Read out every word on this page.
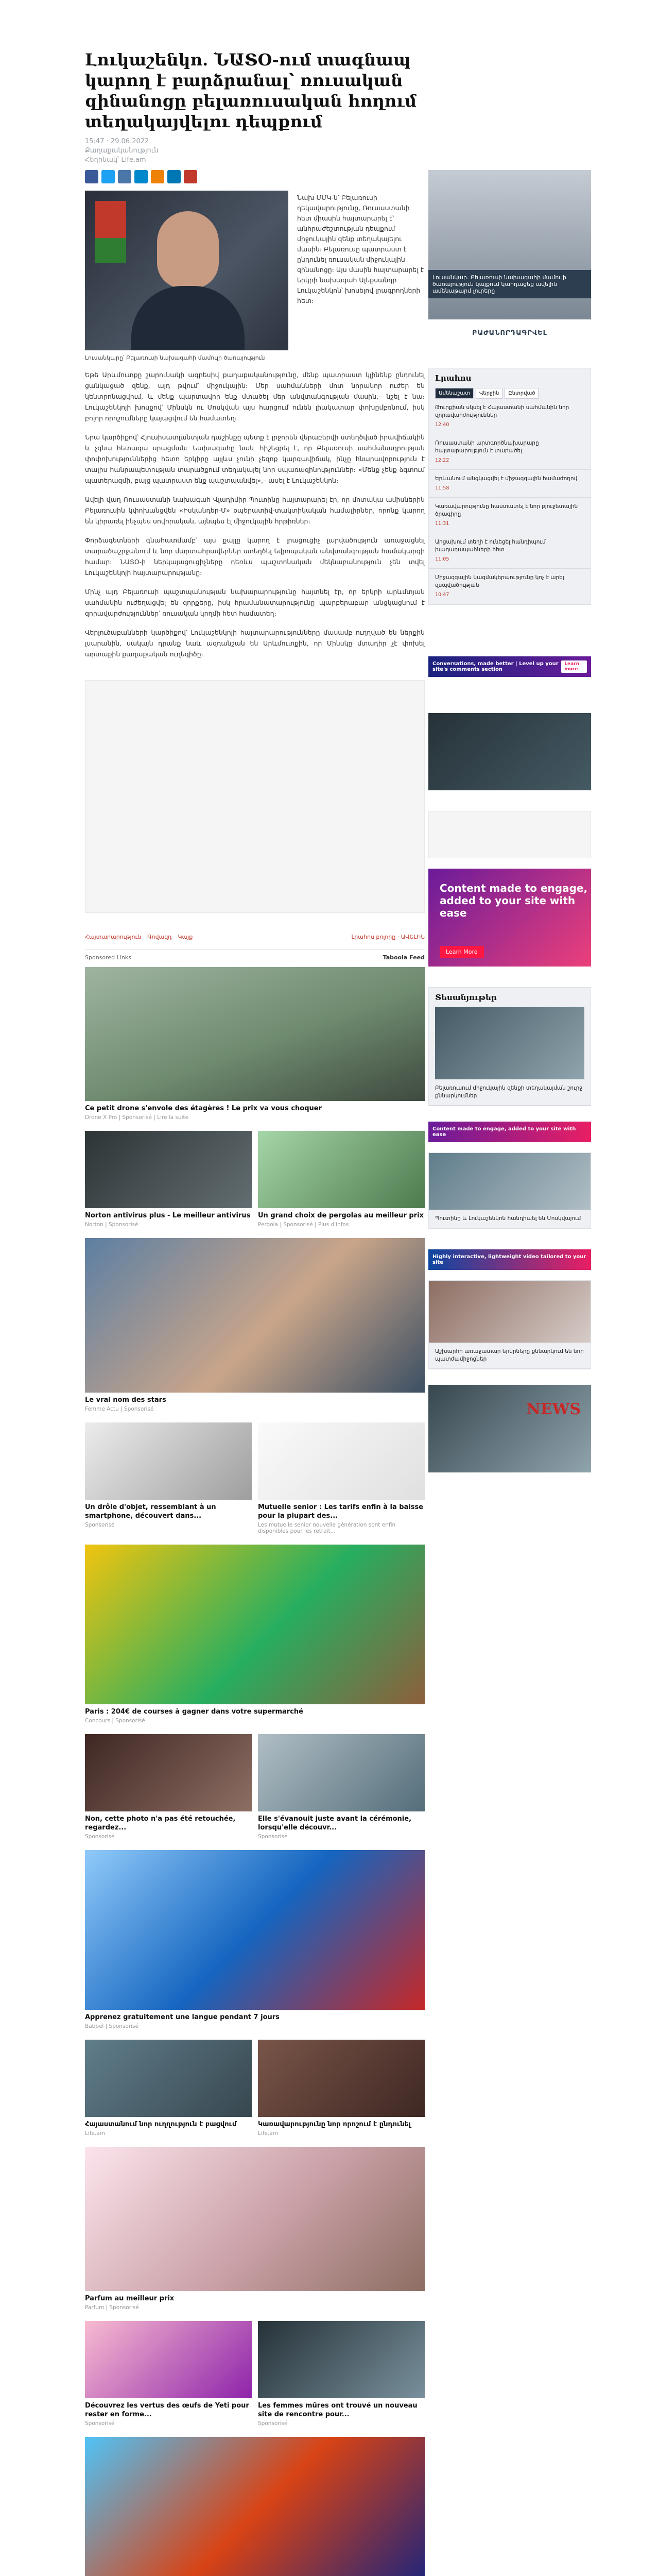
Լուկաշենկո. ՆԱՏՕ-ում տագնապ կարող է բարձրանալ՝ ռուսական զինանոցը բելառուսական հողում տեղակայվելու դեպքում
15:47 · 29.06.2022
Քաղաքականություն
Հեղինակ՝ Life.am
Նախ ՄՄԿ-ն՝ Բելառուսի ղեկավարությունը, Ռուսաստանի հետ միասին հայտարարել է՝ անհրաժեշտության դեպքում միջուկային զենք տեղակայելու մասին։ Բելառուսը պատրաստ է ընդունել ռուսական միջուկային զինանոցը։ Այս մասին հայտարարել է երկրի նախագահ Ալեքսանդր Լուկաշենկոն՝ խոսելով լրագրողների հետ։
Լուսանկարը՝ Բելառուսի նախագահի մամուլի ծառայություն

Եթե Արևմուտքը շարունակի ագրեսիվ քաղաքականությունը, մենք պատրաստ կլինենք ընդունել ցանկացած զենք, այդ թվում՝ միջուկային։ Մեր սահմանների մոտ նորանոր ուժեր են կենտրոնացվում, և մենք պարտավոր ենք մտածել մեր անվտանգության մասին,– նշել է նա։ Լուկաշենկոյի խոսքով՝ Մինսկն ու Մոսկվան այս հարցում ունեն լիակատար փոխըմբռնում, իսկ բոլոր որոշումները կայացվում են համատեղ։

Նրա կարծիքով՝ Հյուսիսատլանտյան դաշինքը պետք է լրջորեն վերաբերվի ստեղծված իրավիճակին և չգնա հետագա սրացման։ Նախագահը նաև հիշեցրել է, որ Բելառուսի սահմանադրության փոփոխություններից հետո երկիրը այլևս չունի չեզոք կարգավիճակ, ինչը հնարավորություն է տալիս հանրապետության տարածքում տեղակայել նոր սպառազինություններ։ «Մենք չենք ձգտում պատերազմի, բայց պատրաստ ենք պաշտպանվել»,– ասել է Լուկաշենկոն։

Ավելի վաղ Ռուսաստանի նախագահ Վլադիմիր Պուտինը հայտարարել էր, որ մոտակա ամիսներին Բելառուսին կփոխանցվեն «Իսկանդեր-Մ» օպերատիվ-տակտիկական համալիրներ, որոնք կարող են կիրառել ինչպես սովորական, այնպես էլ միջուկային հրթիռներ։

Փորձագետների գնահատմամբ՝ այս քայլը կարող է լրացուցիչ լարվածություն առաջացնել տարածաշրջանում և նոր մարտահրավերներ ստեղծել եվրոպական անվտանգության համակարգի համար։ ՆԱՏՕ-ի ներկայացուցիչները դեռևս պաշտոնական մեկնաբանություն չեն տվել Լուկաշենկոյի հայտարարությանը։

Մինչ այդ Բելառուսի պաշտպանության նախարարությունը հայտնել էր, որ երկրի արևմտյան սահմանին ուժեղացվել են զորքերը, իսկ հրամանատարությունը պարբերաբար անցկացնում է զորավարժություններ՝ ռուսական կողմի հետ համատեղ։

Վերլուծաբանների կարծիքով՝ Լուկաշենկոյի հայտարարությունները մասամբ ուղղված են ներքին լսարանին, սակայն դրանք նաև ազդանշան են Արևմուտքին, որ Մինսկը մտադիր չէ փոխել արտաքին քաղաքական ուղեգիծը։

Հայտարարություն Գովազդ Կայք	Լրահոս բոլորը · ԱՎԵԼԻՆ
Sponsored Links	Taboola Feed
Ce petit drone s'envole des étagères ! Le prix va vous choquer
Drone X Pro | Sponsorisé | Lire la suite
Norton antivirus plus - Le meilleur antivirus
Norton | Sponsorisé
Un grand choix de pergolas au meilleur prix
Pergola | Sponsorisé | Plus d'infos
Le vrai nom des stars
Femme Actu | Sponsorisé
Un drôle d'objet, ressemblant à un smartphone, découvert dans...
Sponsorisé
Mutuelle senior : Les tarifs enfin à la baisse pour la plupart des...
Les mutuelle senior nouvelle génération sont enfin disponibles pour les retrait...
Paris : 204€ de courses à gagner dans votre supermarché
Concours | Sponsorisé
Non, cette photo n'a pas été retouchée, regardez...
Sponsorisé
Elle s'évanouit juste avant la cérémonie, lorsqu'elle découvr...
Sponsorisé
Apprenez gratuitement une langue pendant 7 jours
Babbel | Sponsorisé
Հայաստանում նոր ուղղություն է բացվում
Life.am
Կառավարությունը նոր որոշում է ընդունել
Life.am
Parfum au meilleur prix
Parfum | Sponsorisé
Découvrez les vertus des œufs de Yeti pour rester en forme...
Sponsorisé
Les femmes mûres ont trouvé un nouveau site de rencontre pour...
Sponsorisé
Լուսանկար. Բելառուսի նախագահի մամուլի ծառայություն կայքում կարդացեք ավելին ամենաթարմ լուրերը
ԲԱԺԱՆՈՐԴԱԳՐՎԵԼ
Լրահոս
Ամենաշատ	Վերջին	Ընտրված
Թուրքիան սկսել է Հայաստանի սահմանին նոր զորավարժություններ
12:40
Ռուսաստանի արտգործնախարարը հայտարարություն է տարածել
12:22
Երևանում անցկացվել է միջազգային համաժողով
11:58
Կառավարությունը հաստատել է նոր բյուջետային ծրագիրը
11:31
Արցախում տեղի է ունեցել հանդիպում խաղաղապահների հետ
11:05
Միջազգային կազմակերպությունը կոչ է արել զսպվածության
10:47
Conversations, made better | Level up your site's comments section
Learn more
Content made to engage, added to your site with ease
Learn More
Տեսանյութեր
Բելառուսում միջուկային զենքի տեղակայման շուրջ քննարկումներ
Content made to engage, added to your site with ease
Պուտինը և Լուկաշենկոն հանդիպել են Մոսկվայում
Highly interactive, lightweight video tailored to your site
Աշխարհի առաջատար երկրները քննարկում են նոր պատժամիջոցներ
NEWS
